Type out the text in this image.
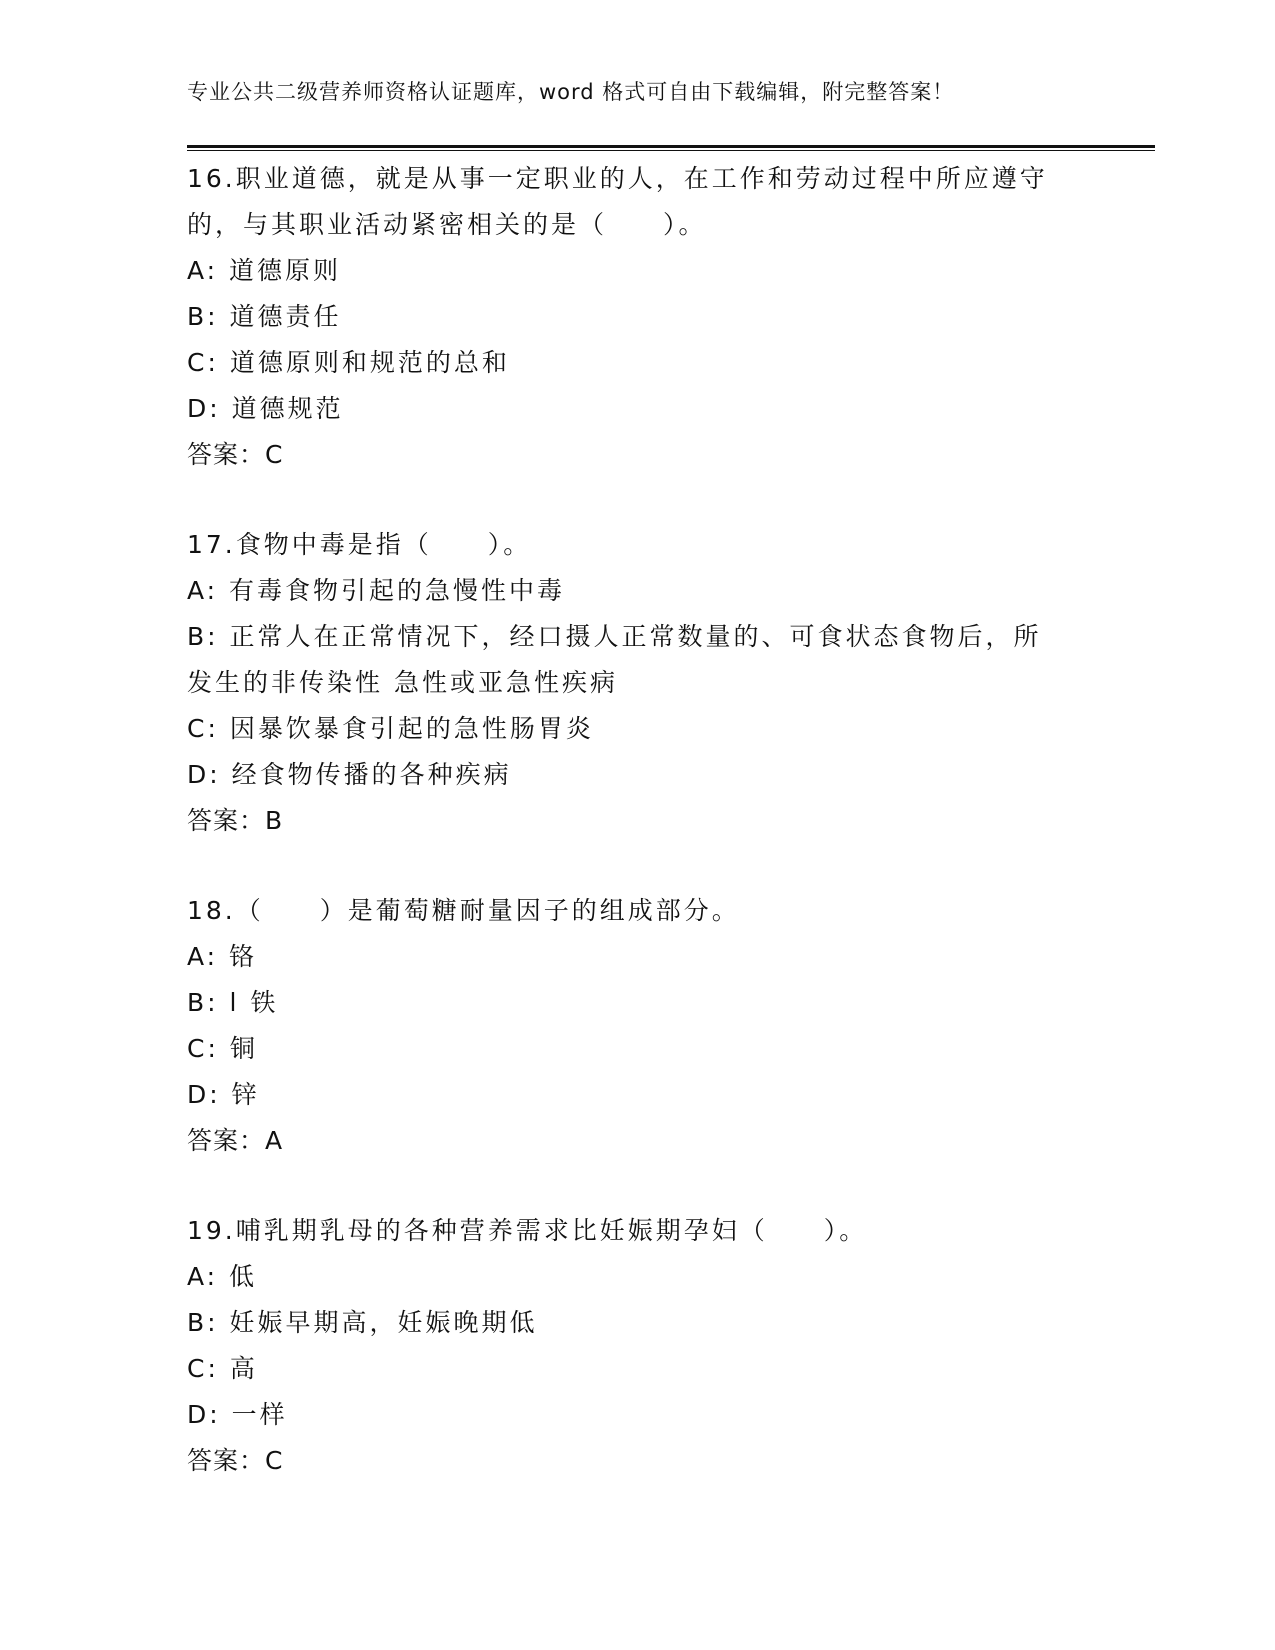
专业公共二级营养师资格认证题库，word 格式可自由下载编辑，附完整答案！
16.职业道德，就是从事一定职业的人，在工作和劳动过程中所应遵守
的，与其职业活动紧密相关的是（　　）。
A: 道德原则
B: 道德责任
C: 道德原则和规范的总和
D: 道德规范
答案：C
17.食物中毒是指（　　）。
A: 有毒食物引起的急慢性中毒
B: 正常人在正常情况下，经口摄人正常数量的、可食状态食物后，所
发生的非传染性 急性或亚急性疾病
C: 因暴饮暴食引起的急性肠胃炎
D: 经食物传播的各种疾病
答案：B
18.（　　）是葡萄糖耐量因子的组成部分。
A: 铬
B: l 铁
C: 铜
D: 锌
答案：A
19.哺乳期乳母的各种营养需求比妊娠期孕妇（　　）。
A: 低
B: 妊娠早期高，妊娠晚期低
C: 高
D: 一样
答案：C
